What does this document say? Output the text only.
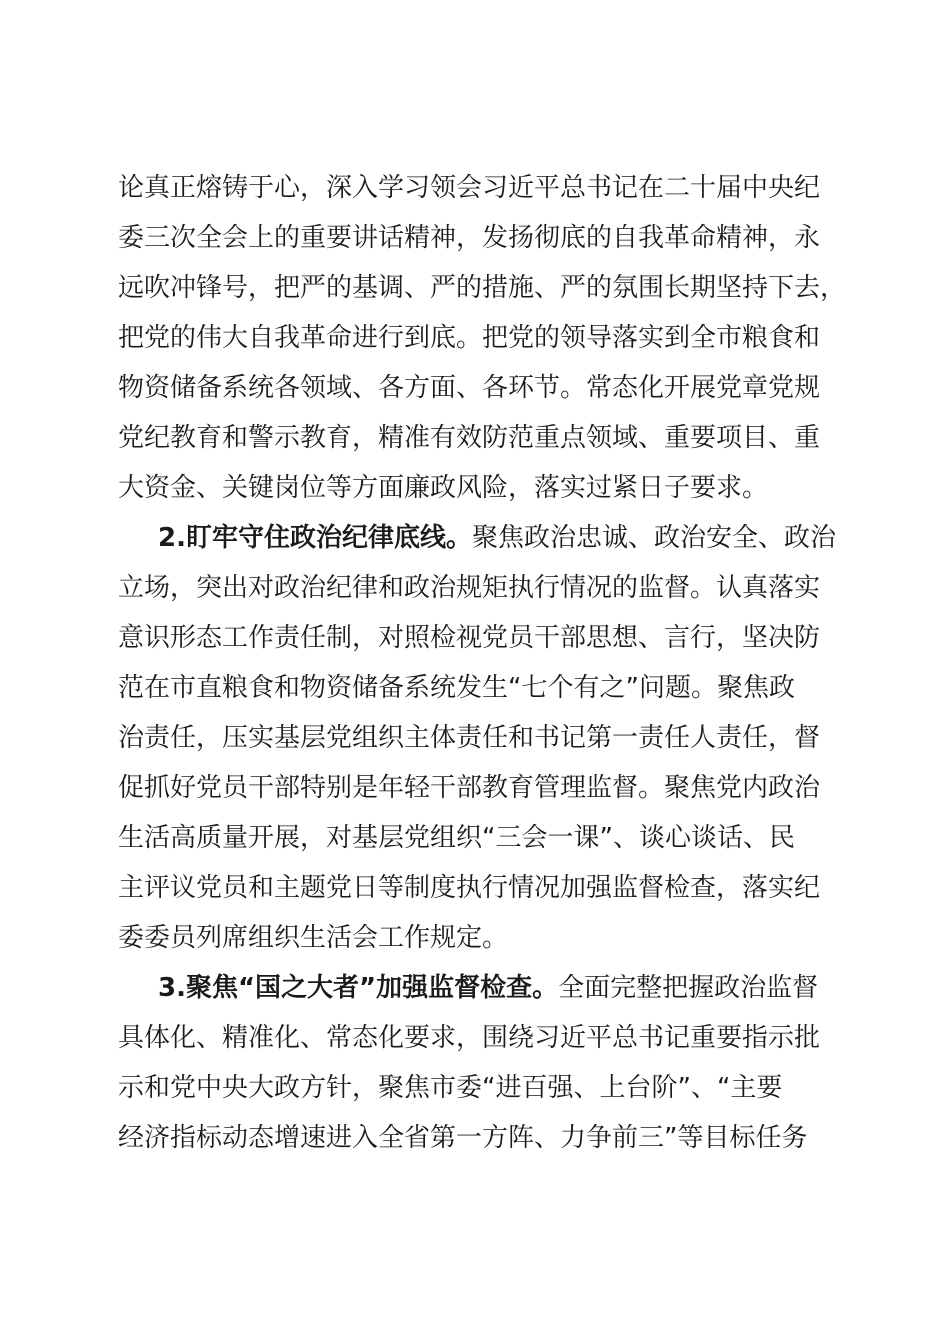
论真正熔铸于心，深入学习领会习近平总书记在二十届中央纪
委三次全会上的重要讲话精神，发扬彻底的自我革命精神，永
远吹冲锋号，把严的基调、严的措施、严的氛围长期坚持下去，
把党的伟大自我革命进行到底。把党的领导落实到全市粮食和
物资储备系统各领域、各方面、各环节。常态化开展党章党规
党纪教育和警示教育，精准有效防范重点领域、重要项目、重
大资金、关键岗位等方面廉政风险，落实过紧日子要求。
2.盯牢守住政治纪律底线。聚焦政治忠诚、政治安全、政治
立场，突出对政治纪律和政治规矩执行情况的监督。认真落实
意识形态工作责任制，对照检视党员干部思想、言行，坚决防
范在市直粮食和物资储备系统发生“七个有之”问题。聚焦政
治责任，压实基层党组织主体责任和书记第一责任人责任，督
促抓好党员干部特别是年轻干部教育管理监督。聚焦党内政治
生活高质量开展，对基层党组织“三会一课”、谈心谈话、民
主评议党员和主题党日等制度执行情况加强监督检查，落实纪
委委员列席组织生活会工作规定。
3.聚焦“国之大者”加强监督检查。全面完整把握政治监督
具体化、精准化、常态化要求，围绕习近平总书记重要指示批
示和党中央大政方针，聚焦市委“进百强、上台阶”、“主要
经济指标动态增速进入全省第一方阵、力争前三”等目标任务
